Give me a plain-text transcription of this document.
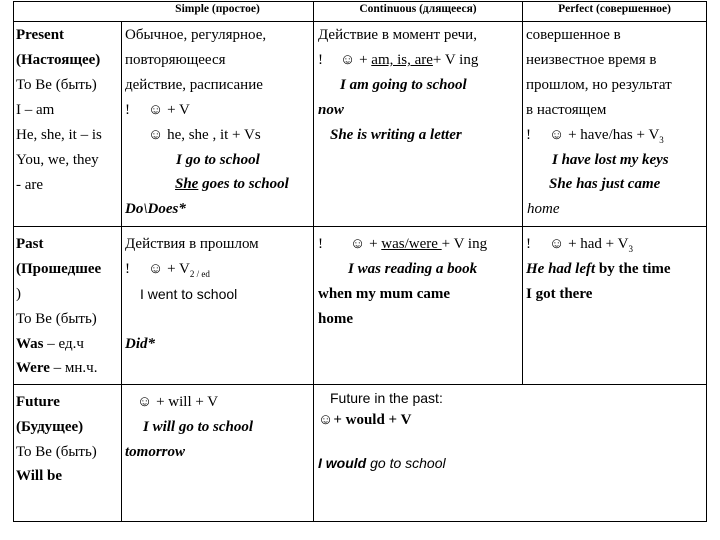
Simple (простое)	Continuous (длящееся)	Perfect (совершенное)
Present
(Настоящее)
То Be (быть)
I – am
He, she, it – is
You, we, they
- are
Обычное, регулярное,
повторяющееся
действие, расписание
! ☺ + V
☺ he, she , it + Vs
I go to school
She goes to school
Do\Does*
Действие в момент речи,
! ☺ + am, is, are+ V ing
I am going to school
now
She is writing a letter
совершенное в
неизвестное время в
прошлом, но результат
в настоящем
! ☺ + have/has + $V_3$
I have lost my keys
She has just came
home
Past
(Прошедшее
)
То Be (быть)
Was – ед.ч
Were – мн.ч.
Действия в прошлом
! ☺ + $V_{2 / ed}$
I went to school
Did*
! ☺ + was/were + V ing
I was reading a book
when my mum came
home
! ☺ + had + $V_3$
He had left by the time
I got there
Future
(Будущее)
То Be (быть)
Will be
☺ + will + V
I will go to school
tomorrow
Future in the past:
☺+ would + V
I would go to school
